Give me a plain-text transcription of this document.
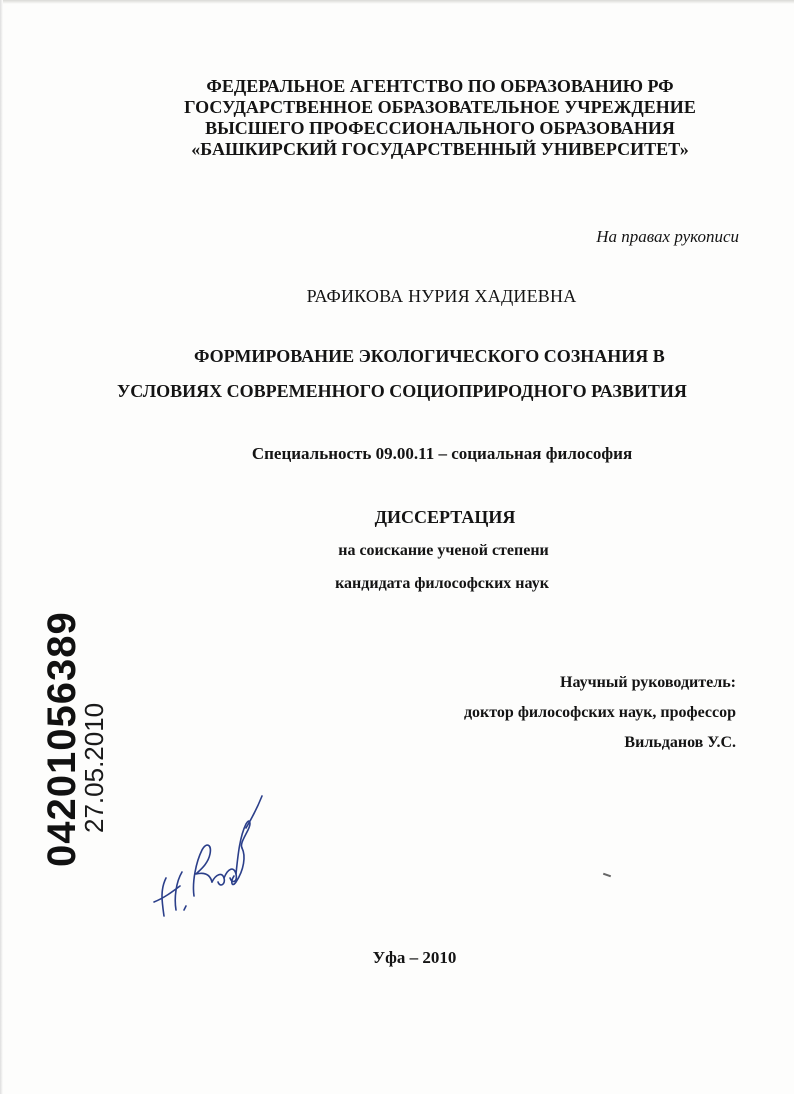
ФЕДЕРАЛЬНОЕ АГЕНТСТВО ПО ОБРАЗОВАНИЮ РФ
ГОСУДАРСТВЕННОЕ ОБРАЗОВАТЕЛЬНОЕ УЧРЕЖДЕНИЕ
ВЫСШЕГО ПРОФЕССИОНАЛЬНОГО ОБРАЗОВАНИЯ
«БАШКИРСКИЙ ГОСУДАРСТВЕННЫЙ УНИВЕРСИТЕТ»
На правах рукописи
РАФИКОВА НУРИЯ ХАДИЕВНА
ФОРМИРОВАНИЕ ЭКОЛОГИЧЕСКОГО СОЗНАНИЯ В
УСЛОВИЯХ СОВРЕМЕННОГО СОЦИОПРИРОДНОГО РАЗВИТИЯ
Специальность 09.00.11 – социальная философия
ДИССЕРТАЦИЯ
на соискание ученой степени
кандидата философских наук
Научный руководитель:
доктор философских наук, профессор
Вильданов У.С.
Уфа – 2010
04201056389
27.05.2010
